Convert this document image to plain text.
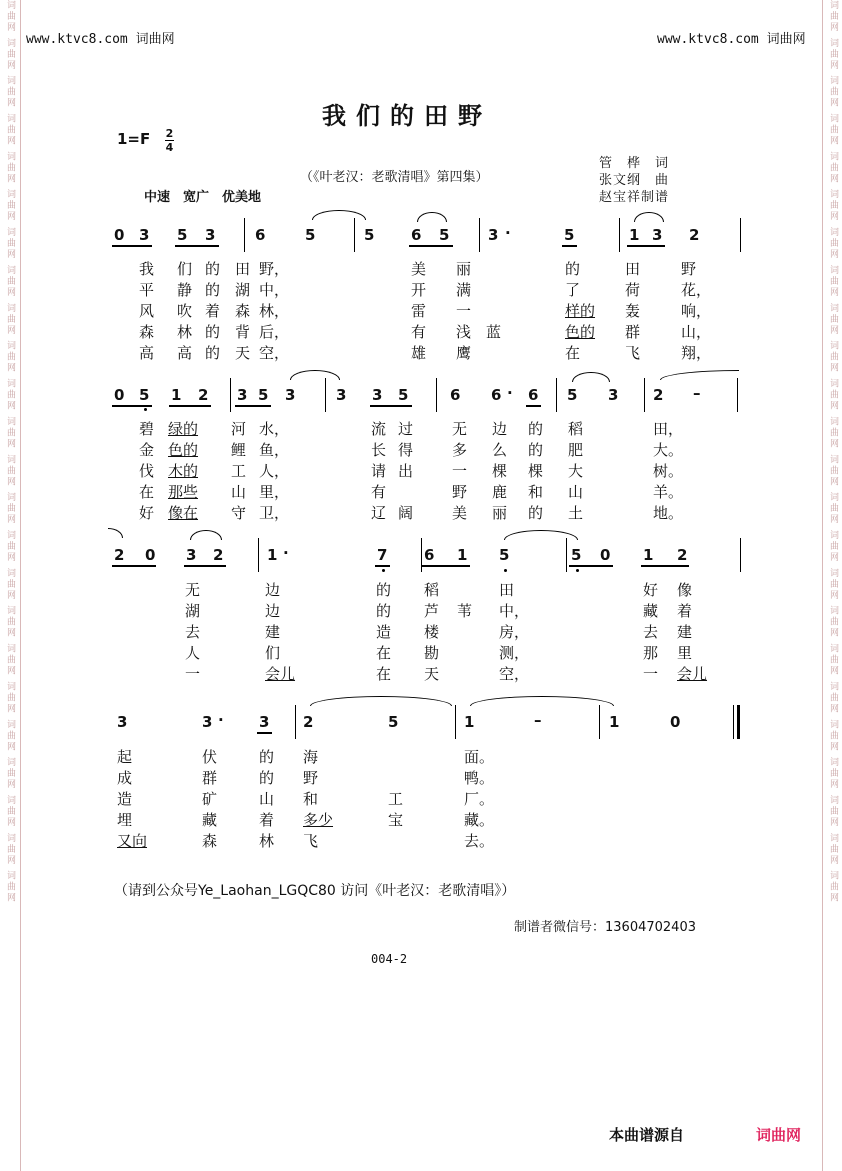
词曲网 词曲网 词曲网 词曲网 词曲网 词曲网 词曲网 词曲网 词曲网 词曲网 词曲网 词曲网 词曲网 词曲网 词曲网 词曲网 词曲网 词曲网 词曲网 词曲网 词曲网 词曲网 词曲网 词曲网	词曲网 词曲网 词曲网 词曲网 词曲网 词曲网 词曲网 词曲网 词曲网 词曲网 词曲网 词曲网 词曲网 词曲网 词曲网 词曲网 词曲网 词曲网 词曲网 词曲网 词曲网 词曲网 词曲网 词曲网
www.ktvc8.com 词曲网	www.ktvc8.com 词曲网
我们的田野
1=F 2
4
（《叶老汉：老歌清唱》第四集）
中速　宽广　优美地
管　桦　词
张文纲　曲
赵宝祥制谱
0 3 5 3	6	5	5 6 5	3 ·	5	1 3 2
我 们 的 田 野，	美 丽	的	田	野
平 静 的 湖 中，	开 满	了	荷	花，
风 吹 着 森 林，	雷 一	样的 轰	响，
森 林 的 背 后，	有 浅 蓝	色的 群	山，
高 高 的 天 空，	雄 鹰	在	飞	翔，
0 5 1 2 3 5 3	3 3 5	6 6 · 6 5 3 2 –
碧 绿的 河 水，	流 过	无 边 的 稻	田，
金 色的 鲤 鱼，	长 得	多 么 的 肥	大。
伐 木的 工 人，	请 出	一 棵 棵 大	树。
在 那些 山 里，	有	野 鹿 和 山	羊。
好 像在 守 卫，	辽 阔	美 丽 的 土	地。
2 0 3 2	1 ·	7 6 1 5	5 0 1 2
无	边	的 稻	田	好 像
湖	边	的 芦 苇 中，	藏 着
去	建	造 楼	房，	去 建
人	们	在 勘	测，	那 里
一	会儿	在 天	空，	一 会儿
3	3 · 3 2	5	1	–	1	0
起	伏	的 海	面。
成	群	的 野	鸭。
造	矿	山 和	工	厂。
埋	藏	着 多少	宝	藏。
又向	森	林 飞	去。
（请到公众号Ye_Laohan_LGQC80 访问《叶老汉：老歌清唱》）
制谱者微信号：13604702403
004-2
本曲谱源自	词曲网
